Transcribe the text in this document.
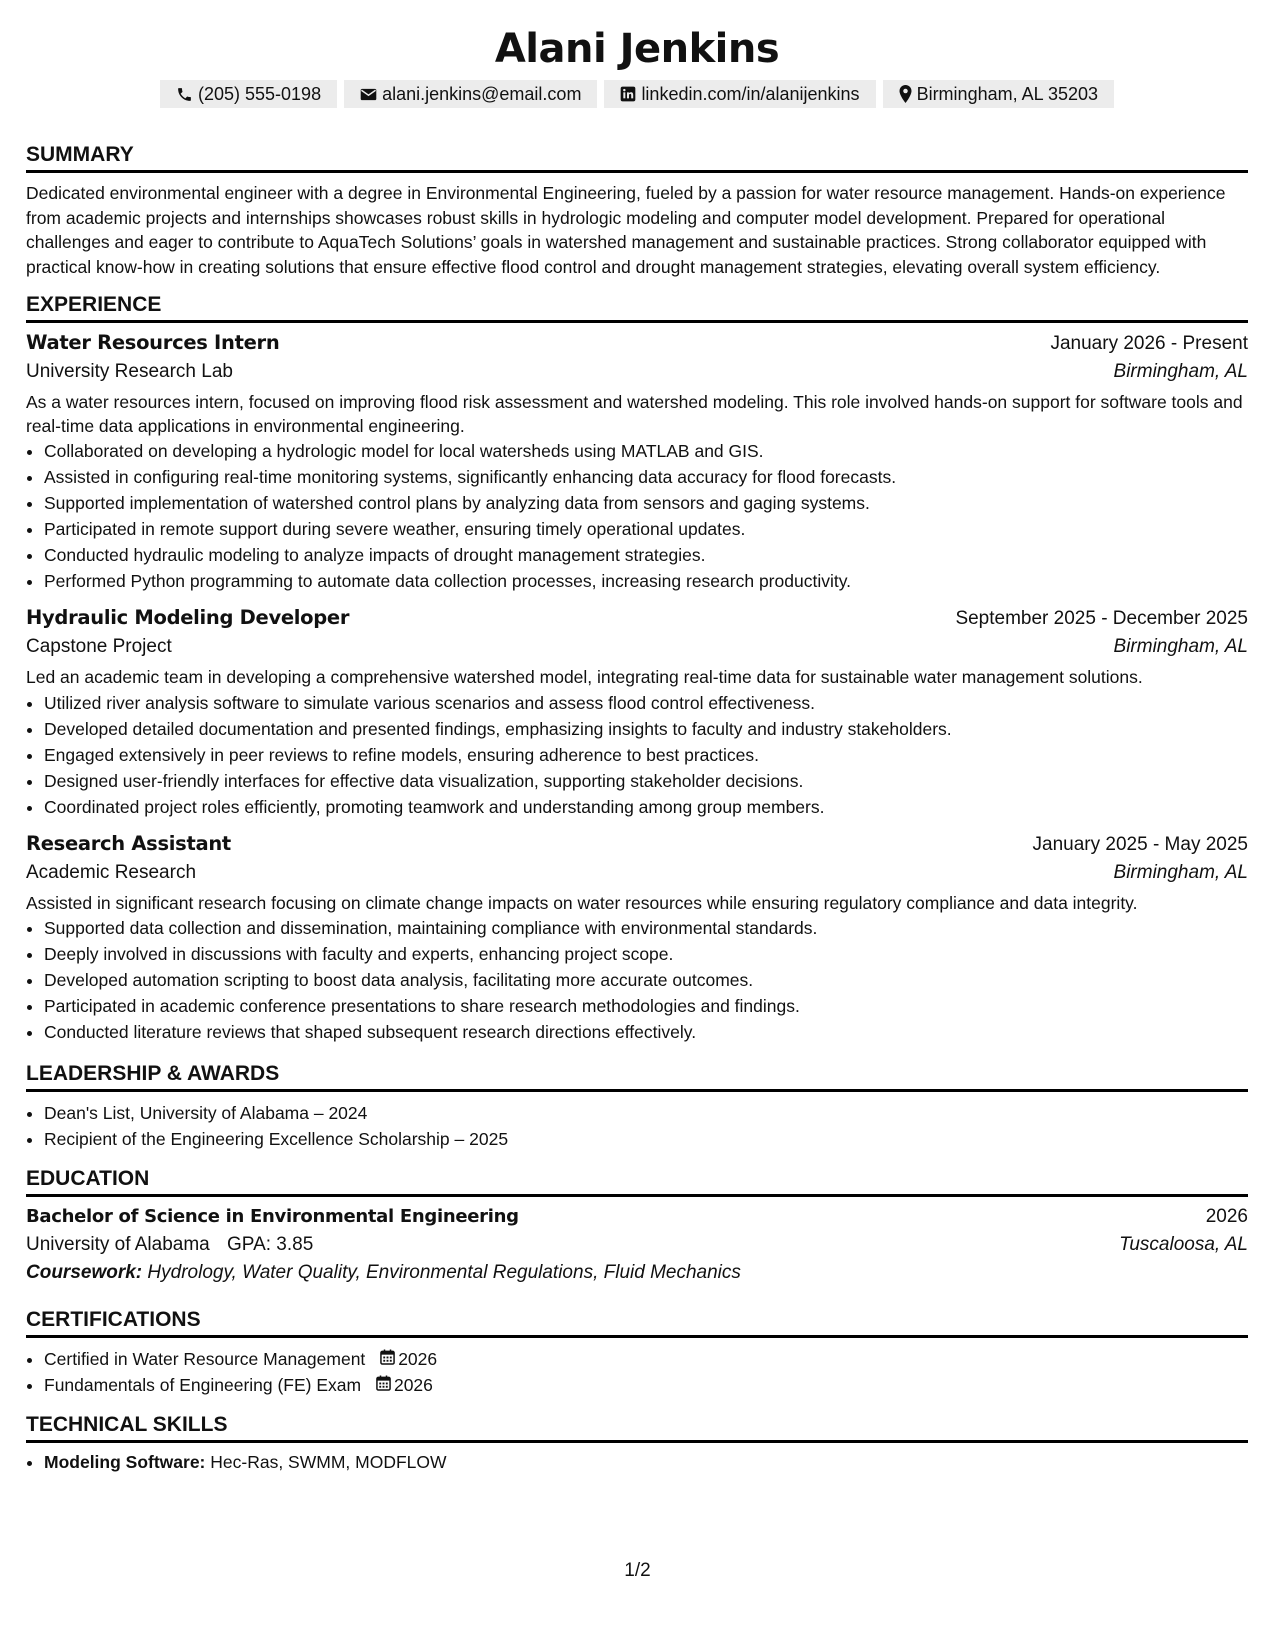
Alani Jenkins
(205) 555-0198	alani.jenkins@email.com	linkedin.com/in/alanijenkins	Birmingham, AL 35203
SUMMARY
Dedicated environmental engineer with a degree in Environmental Engineering, fueled by a passion for water resource management. Hands-on experience from academic projects and internships showcases robust skills in hydrologic modeling and computer model development. Prepared for operational challenges and eager to contribute to AquaTech Solutions’ goals in watershed management and sustainable practices. Strong collaborator equipped with practical know-how in creating solutions that ensure effective flood control and drought management strategies, elevating overall system efficiency.
EXPERIENCE
Water Resources Intern	January 2026 - Present
University Research Lab	Birmingham, AL
As a water resources intern, focused on improving flood risk assessment and watershed modeling. This role involved hands-on support for software tools and real-time data applications in environmental engineering.
• Collaborated on developing a hydrologic model for local watersheds using MATLAB and GIS.
• Assisted in configuring real-time monitoring systems, significantly enhancing data accuracy for flood forecasts.
• Supported implementation of watershed control plans by analyzing data from sensors and gaging systems.
• Participated in remote support during severe weather, ensuring timely operational updates.
• Conducted hydraulic modeling to analyze impacts of drought management strategies.
• Performed Python programming to automate data collection processes, increasing research productivity.
Hydraulic Modeling Developer	September 2025 - December 2025
Capstone Project	Birmingham, AL
Led an academic team in developing a comprehensive watershed model, integrating real-time data for sustainable water management solutions.
• Utilized river analysis software to simulate various scenarios and assess flood control effectiveness.
• Developed detailed documentation and presented findings, emphasizing insights to faculty and industry stakeholders.
• Engaged extensively in peer reviews to refine models, ensuring adherence to best practices.
• Designed user-friendly interfaces for effective data visualization, supporting stakeholder decisions.
• Coordinated project roles efficiently, promoting teamwork and understanding among group members.
Research Assistant	January 2025 - May 2025
Academic Research	Birmingham, AL
Assisted in significant research focusing on climate change impacts on water resources while ensuring regulatory compliance and data integrity.
• Supported data collection and dissemination, maintaining compliance with environmental standards.
• Deeply involved in discussions with faculty and experts, enhancing project scope.
• Developed automation scripting to boost data analysis, facilitating more accurate outcomes.
• Participated in academic conference presentations to share research methodologies and findings.
• Conducted literature reviews that shaped subsequent research directions effectively.
LEADERSHIP & AWARDS
• Dean's List, University of Alabama – 2024
• Recipient of the Engineering Excellence Scholarship – 2025
EDUCATION
Bachelor of Science in Environmental Engineering	2026
University of Alabama GPA: 3.85	Tuscaloosa, AL
Coursework: Hydrology, Water Quality, Environmental Regulations, Fluid Mechanics
CERTIFICATIONS
• Certified in Water Resource Management 2026
• Fundamentals of Engineering (FE) Exam 2026
TECHNICAL SKILLS
• Modeling Software: Hec-Ras, SWMM, MODFLOW
1/2
